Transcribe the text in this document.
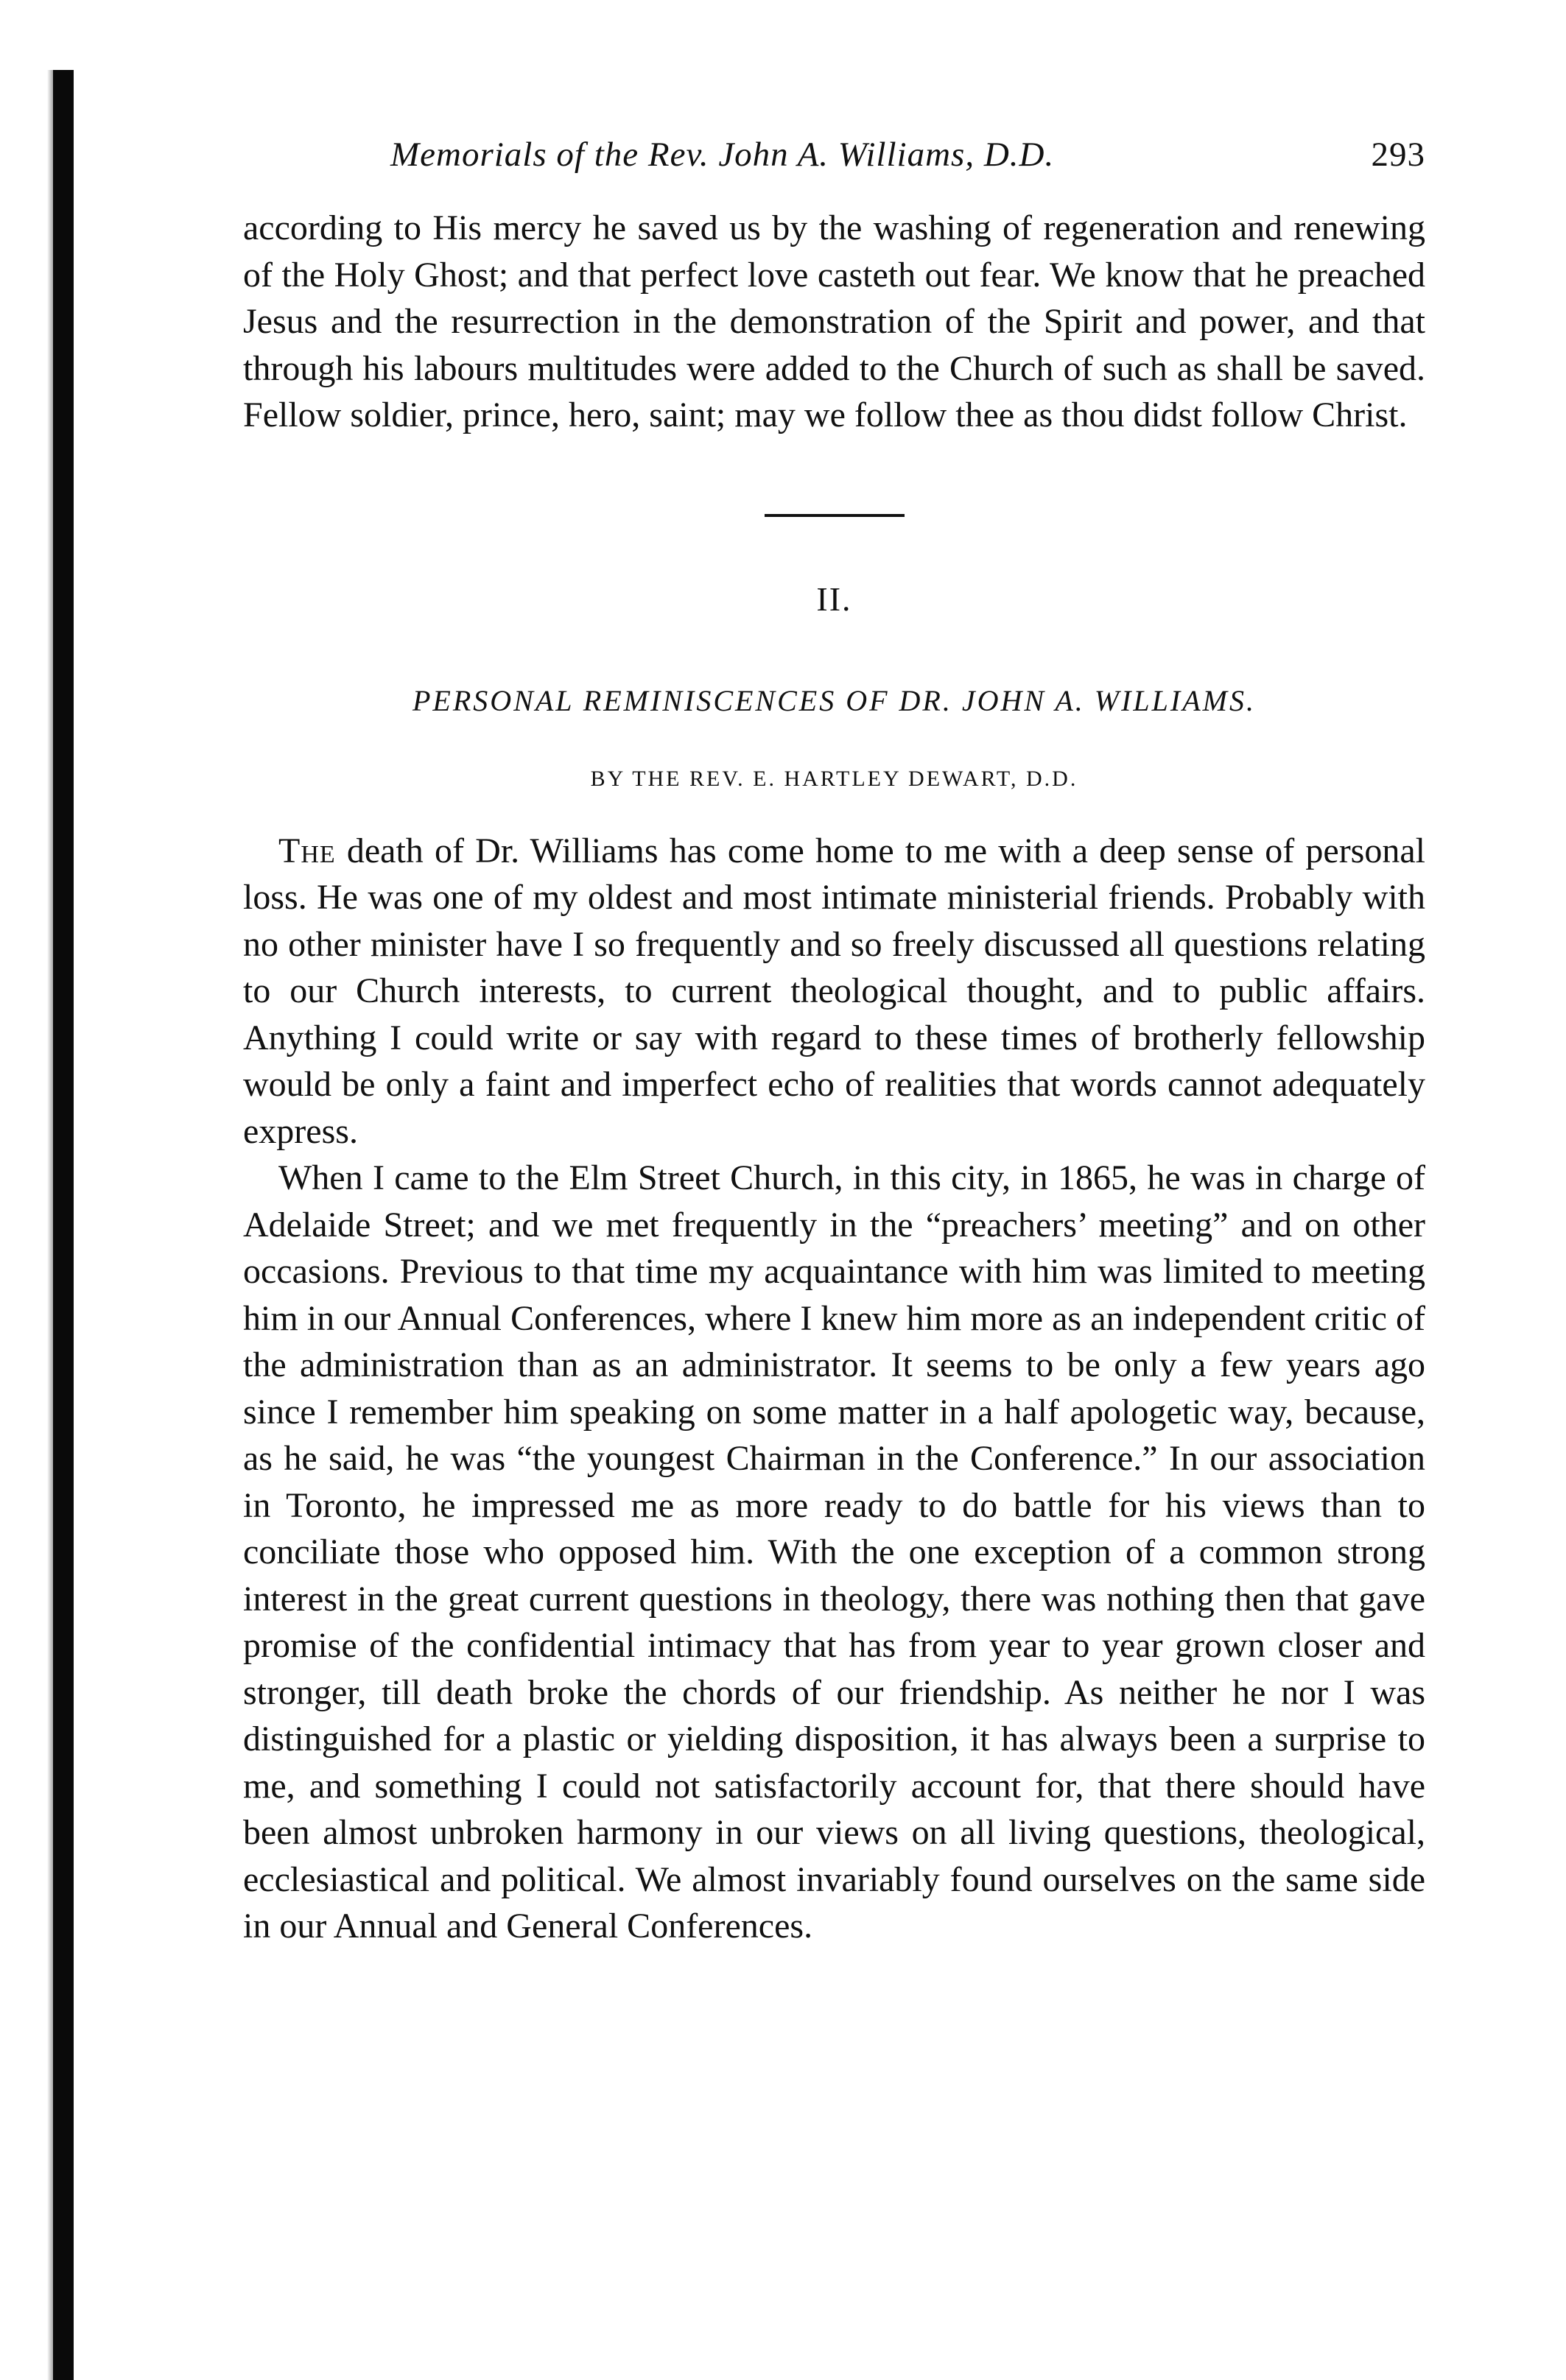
Memorials of the Rev. John A. Williams, D.D.	293

according to His mercy he saved us by the washing of regeneration and renewing of the Holy Ghost; and that perfect love casteth out fear. We know that he preached Jesus and the resurrection in the demonstration of the Spirit and power, and that through his labours multitudes were added to the Church of such as shall be saved. Fellow soldier, prince, hero, saint; may we follow thee as thou didst follow Christ.

II.
PERSONAL REMINISCENCES OF DR. JOHN A. WILLIAMS.
BY THE REV. E. HARTLEY DEWART, D.D.

The death of Dr. Williams has come home to me with a deep sense of personal loss. He was one of my oldest and most intimate ministerial friends. Probably with no other minister have I so frequently and so freely discussed all questions relating to our Church interests, to current theological thought, and to public affairs. Anything I could write or say with regard to these times of brotherly fellowship would be only a faint and imperfect echo of realities that words cannot adequately express.

When I came to the Elm Street Church, in this city, in 1865, he was in charge of Adelaide Street; and we met frequently in the “preachers’ meeting” and on other occasions. Previous to that time my acquaintance with him was limited to meeting him in our Annual Conferences, where I knew him more as an independent critic of the administration than as an administrator. It seems to be only a few years ago since I remember him speaking on some matter in a half apologetic way, because, as he said, he was “the youngest Chairman in the Conference.” In our association in Toronto, he impressed me as more ready to do battle for his views than to conciliate those who opposed him. With the one exception of a common strong interest in the great current questions in theology, there was nothing then that gave promise of the confidential intimacy that has from year to year grown closer and stronger, till death broke the chords of our friendship. As neither he nor I was distinguished for a plastic or yielding disposition, it has always been a surprise to me, and something I could not satisfactorily account for, that there should have been almost unbroken harmony in our views on all living questions, theological, ecclesiastical and political. We almost invariably found ourselves on the same side in our Annual and General Conferences.
